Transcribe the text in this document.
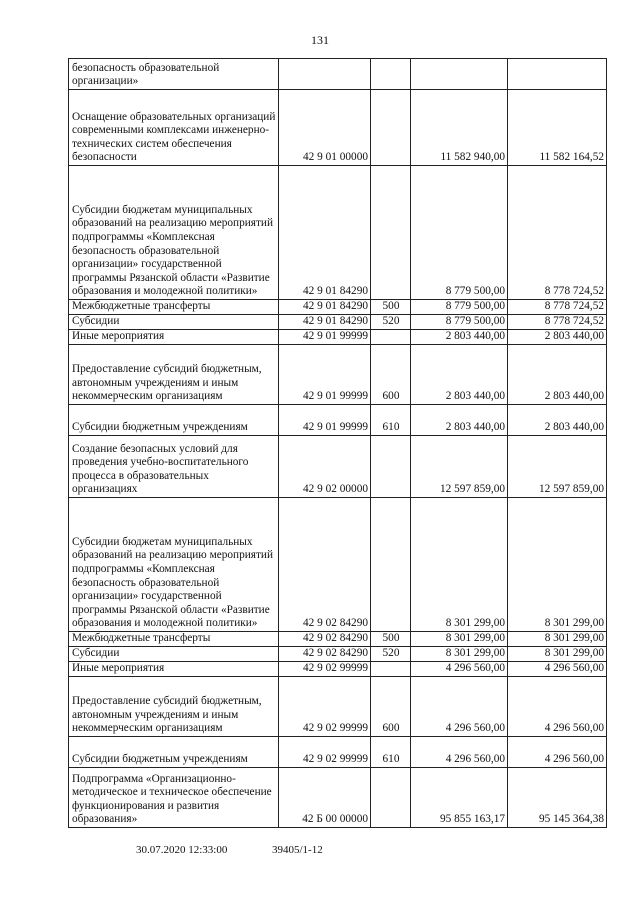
131
безопасность образовательной организации»				
Оснащение образовательных организаций современными комплексами инженерно-технических систем обеспечения безопасности	42 9 01 00000		11 582 940,00	11 582 164,52
Субсидии бюджетам муниципальных образований на реализацию мероприятий подпрограммы «Комплексная безопасность образовательной организации» государственной программы Рязанской области «Развитие образования и молодежной политики»	42 9 01 84290		8 779 500,00	8 778 724,52
Межбюджетные трансферты	42 9 01 84290	500	8 779 500,00	8 778 724,52
Субсидии	42 9 01 84290	520	8 779 500,00	8 778 724,52
Иные мероприятия	42 9 01 99999		2 803 440,00	2 803 440,00
Предоставление субсидий бюджетным, автономным учреждениям и иным некоммерческим организациям	42 9 01 99999	600	2 803 440,00	2 803 440,00
Субсидии бюджетным учреждениям	42 9 01 99999	610	2 803 440,00	2 803 440,00
Создание безопасных условий для проведения учебно-воспитательного процесса в образовательных организациях	42 9 02 00000		12 597 859,00	12 597 859,00
Субсидии бюджетам муниципальных образований на реализацию мероприятий подпрограммы «Комплексная безопасность образовательной организации» государственной программы Рязанской области «Развитие образования и молодежной политики»	42 9 02 84290		8 301 299,00	8 301 299,00
Межбюджетные трансферты	42 9 02 84290	500	8 301 299,00	8 301 299,00
Субсидии	42 9 02 84290	520	8 301 299,00	8 301 299,00
Иные мероприятия	42 9 02 99999		4 296 560,00	4 296 560,00
Предоставление субсидий бюджетным, автономным учреждениям и иным некоммерческим организациям	42 9 02 99999	600	4 296 560,00	4 296 560,00
Субсидии бюджетным учреждениям	42 9 02 99999	610	4 296 560,00	4 296 560,00
Подпрограмма «Организационно-методическое и техническое обеспечение функционирования и развития образования»	42 Б 00 00000		95 855 163,17	95 145 364,38
30.07.2020 12:33:00	39405/1-12
